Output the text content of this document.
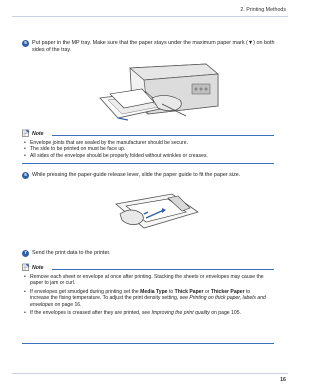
2. Printing Methods
5 Put paper in the MP tray. Make sure that the paper stays under the maximum paper mark (▼) on both
sides of the tray.
Note
• Envelope joints that are sealed by the manufacturer should be secure.
• The side to be printed on must be face up.
• All sides of the envelope should be properly folded without wrinkles or creases.
6 While pressing the paper-guide release lever, slide the paper guide to fit the paper size.
7 Send the print data to the printer.
Note
• Remove each sheet or envelope at once after printing. Stacking the sheets or envelopes may cause the
paper to jam or curl.
• If envelopes get smudged during printing set the Media Type to Thick Paper or Thicker Paper to
increase the fixing temperature. To adjust the print density setting, see Printing on thick paper, labels and
envelopes on page 16.
• If the envelopes is creased after they are printed, see Improving the print quality on page 105.
16
